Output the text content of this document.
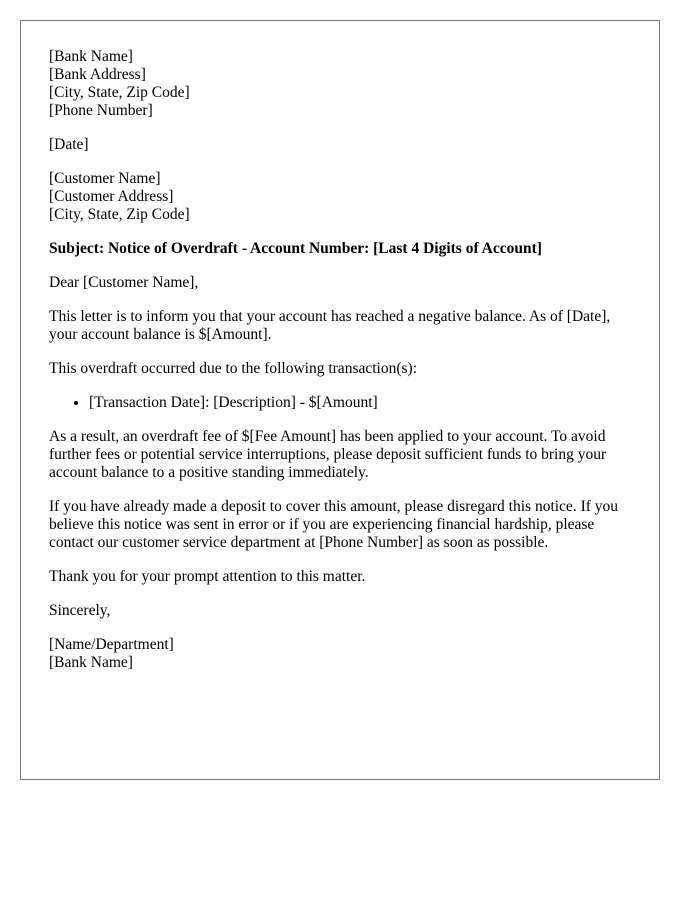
[Bank Name]
[Bank Address]
[City, State, Zip Code]
[Phone Number]
[Date]
[Customer Name]
[Customer Address]
[City, State, Zip Code]
Subject: Notice of Overdraft - Account Number: [Last 4 Digits of Account]

Dear [Customer Name],

This letter is to inform you that your account has reached a negative balance. As of [Date], your account balance is $[Amount].

This overdraft occurred due to the following transaction(s):

• [Transaction Date]: [Description] - $[Amount]

As a result, an overdraft fee of $[Fee Amount] has been applied to your account. To avoid further fees or potential service interruptions, please deposit sufficient funds to bring your account balance to a positive standing immediately.

If you have already made a deposit to cover this amount, please disregard this notice. If you believe this notice was sent in error or if you are experiencing financial hardship, please contact our customer service department at [Phone Number] as soon as possible.

Thank you for your prompt attention to this matter.

Sincerely,

[Name/Department]
[Bank Name]
